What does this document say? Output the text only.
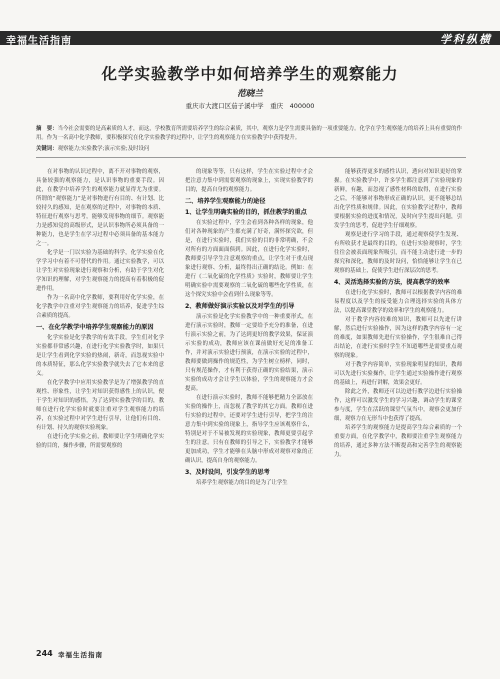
幸福生活指南	学科纵横
化学实验教学中如何培养学生的观察能力
范晓兰
重庆市大渡口区茄子溪中学　重庆　400000
摘　要：当今社会需要的是高素质的人才，而这，学校教育所需要培养学生的综合素质，其中，观察力是学生需要具备的一项重要能力。化学在学生观察能力的培养上具有重要的作用。作为一名高中化学教师，要积极探究在化学实验教学的过程中，让学生的观察能力在实验教学中获得提升。
关键词：观察能力;实验教学;演示实验;及时设问

在对事物的认识过程中，离不开对事物的观察，具备较强的观察能力，是认识事物的重要手段。因此，在教学中培养学生的观察能力就显得尤为重要。所谓的“观察能力”是对事物进行有目的、有计划、比较持久的感知，是在观察的过程中，对事物的本质、特征进行观察与思考，能够发现事物的细节。观察能力是感知觉的高级形式，是认识事物所必须具备的一种能力，也是学生在学习过程中必须具备的基本能力之一。

化学是一门以实验为基础的科学，化学实验在化学学习中有着不可替代的作用。通过实验教学，可以让学生对实验现象进行观察和分析，有助于学生对化学知识的理解，对学生观察能力的提高有着积极的促进作用。

作为一名高中化学教师，要利用好化学实验，在化学教学中注重对学生观察能力的培养，促进学生综合素质的提高。

一、在化学教学中培养学生观察能力的原因

化学实验是化学教学的有效手段，学生们对化学实验都非常感兴趣，在进行化学实验教学时，如果只是让学生看到化学实验的热闹，新奇，而忽视实验中的本质特征，那么化学实验教学就失去了它本来的意义。

在化学教学中应用实验教学是为了增强教学的直观性、形象性，让学生对知识获得感性上的认识，便于学生对知识的感悟，为了达到实验教学的目的，教师在进行化学实验时就要注重对学生观察能力的培养，在实验过程中对学生进行引导，让他们有目的、有计划、持久的观察实验现象。

在进行化学实验之前，教师要让学生明确化学实验的目的，操作步骤，所需要观察的

的现象等等，只有这样，学生在实验过程中才会把注意力集中到需要观察的现象上，实现实验教学的目的，提高自身的观察能力。

二、培养学生观察能力的途径

1、让学生明确实验的目的，抓住教学的重点

在实验过程中，学生会看到各种各样的现象，他们对各种现象的产生都充满了好奇，满怀探究欲，但是，在进行实验时，我们实验的目的非常明确，不会对所有的方面面面俱到。因此，在进行化学实验时，教师要引导学生注意观察的重点，让学生对于重点现象进行观察、分析，最终得出正确的结论。例如：在进行《二氧化硫的化学性质》实验时，教师要让学生明确实验中需要观察的二氧化硫的哪些化学性质，在这个探究实验中会看到什么现象等等。

2、教师做好演示实验以及对学生的引导

演示实验是化学实验教学中的一种重要形式，在进行演示实验时，教师一定要给予充分的准备，在进行演示实验之前，为了达到更好的教学效果，保证演示实验的成功，教师应该在课前做好充足的准备工作，并对演示实验进行预演，在演示实验的过程中，教师要做到操作的规范性，为学生树立榜样，同时，只有规范操作，才有利于获得正确的实验结果，演示实验的成功才会让学生以体验，学生的观察能力才会提高。

在进行演示实验时，教师不能够把精力全部放在实验的操作上，而忽视了教学的其它方面。教师在进行实验的过程中，还要对学生进行引导，把学生的注意力集中到实验的现象上，指导学生应该观察什么，特别是对于不易被发现的实验现象，教师更要引起学生的注意。只有在教师的引导之下，实验教学才能够更加成功，学生才能够在头脑中形成对观察对象的正确认识，提高自身的观察能力。

3、及时设问，引发学生的思考

培养学生观察能力的目的是为了让学生

能够获得更多的感性认识，透向对知识更好的掌握。在实验教学中，许多学生都注意到了实验现象的新鲜，有趣，而忽视了感性材料的取得，在进行实验之后，不能够对事物形成正确的认识，更不能够总结出化学性质和规律。因此，在实验教学过程中，教师要根据实验的进度和情况，及时向学生提出问题，引发学生的思考，促进学生仔细观察。

观察是进行学习的手段，通过观察使学生发现、有所收获才是最终的目的，在进行实验观察时，学生往往会被表面现象所吸引，而不能主动进行进一步的探究和深化，教师的及时设问，恰恰能够让学生在已观察的基础上，促使学生进行深层次的思考。

4、灵活选择实验的方法，提高教学的效率

在进行化学实验时，教师可以根据教学内容的难易程度以及学生的接受能力合理选择实验的具体方法，以提高课堂教学的效率和学生的观察能力。

对于教学内容较难的知识，教师可以先进行讲解，然后进行实验操作，因为这样的教学内容有一定的难度，如果教师先进行实验操作，学生很难自己得出结论，在进行实验时学生不知道哪些是需要重点观察的现象。

对于教学内容简单，实验现象明显的知识，教师可以先进行实验操作，让学生通过实验操作进行观察的基础上，再进行讲解，效果会更好。

除此之外，教师还可以边进行教学边进行实验操作，这样可以激发学生的学习兴趣，调动学生的课堂参与度，学生在活跃的课堂气氛当中，观察会更加仔细，观察力在无形当中也获得了提高。

培养学生的观察能力是提高学生综合素质的一个重要方面，在化学教学中，教师要注重学生观察能力的培养，通过多种方法不断提高和完善学生的观察能力。

244 幸福生活指南
